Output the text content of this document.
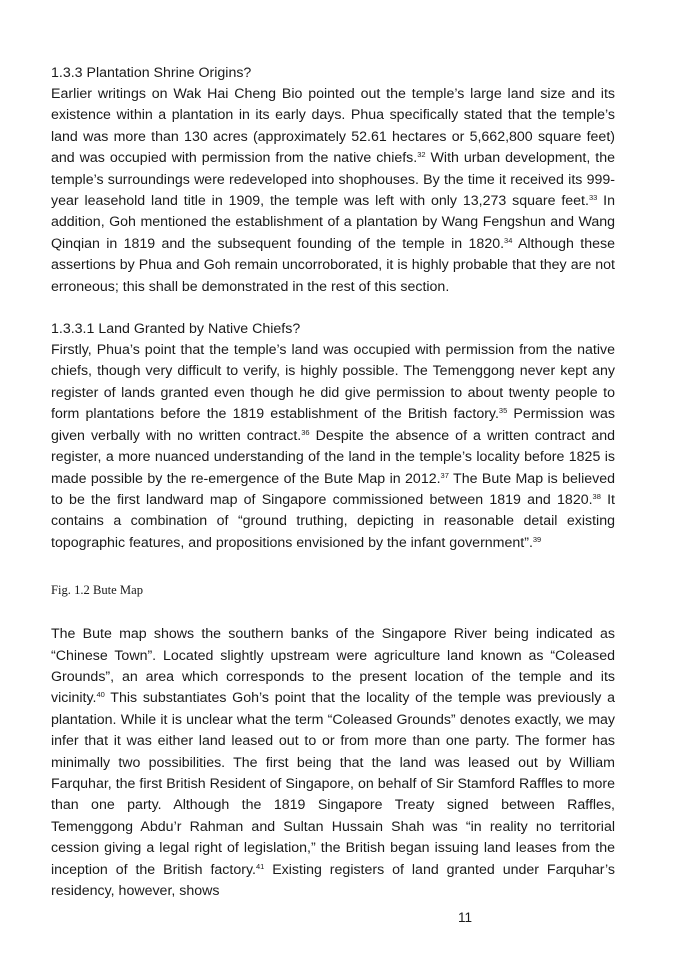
1.3.3 Plantation Shrine Origins?

Earlier writings on Wak Hai Cheng Bio pointed out the temple’s large land size and its existence within a plantation in its early days. Phua specifically stated that the temple’s land was more than 130 acres (approximately 52.61 hectares or 5,662,800 square feet) and was occupied with permission from the native chiefs.$^{32}$ With urban development, the temple’s surroundings were redeveloped into shophouses. By the time it received its 999-year leasehold land title in 1909, the temple was left with only 13,273 square feet.$^{33}$ In addition, Goh mentioned the establishment of a plantation by Wang Fengshun and Wang Qinqian in 1819 and the subsequent founding of the temple in 1820.34 Although these assertions by Phua and Goh remain uncorroborated, it is highly probable that they are not erroneous; this shall be demonstrated in the rest of this section.

1.3.3.1 Land Granted by Native Chiefs?

Firstly, Phua’s point that the temple’s land was occupied with permission from the native chiefs, though very difficult to verify, is highly possible. The Temenggong never kept any register of lands granted even though he did give permission to about twenty people to form plantations before the 1819 establishment of the British factory.$^{35}$ Permission was given verbally with no written contract.$^{36}$ Despite the absence of a written contract and register, a more nuanced understanding of the land in the temple’s locality before 1825 is made possible by the re-emergence of the Bute Map in 2012.37 The Bute Map is believed to be the first landward map of Singapore commissioned between 1819 and 1820.38 It contains a combination of “ground truthing, depicting in reasonable detail existing topographic features, and propositions envisioned by the infant government”.$^{39}$

Fig. 1.2 Bute Map

The Bute map shows the southern banks of the Singapore River being indicated as “Chinese Town”. Located slightly upstream were agriculture land known as “Coleased Grounds”, an area which corresponds to the present location of the temple and its vicinity.$^{40}$ This substantiates Goh’s point that the locality of the temple was previously a plantation. While it is unclear what the term “Coleased Grounds” denotes exactly, we may infer that it was either land leased out to or from more than one party. The former has minimally two possibilities. The first being that the land was leased out by William Farquhar, the first British Resident of Singapore, on behalf of Sir Stamford Raffles to more than one party. Although the 1819 Singapore Treaty signed between Raffles, Temenggong Abdu’r Rahman and Sultan Hussain Shah was “in reality no territorial cession giving a legal right of legislation,” the British began issuing land leases from the inception of the British factory.$^{41}$ Existing registers of land granted under Farquhar’s residency, however, shows

11
